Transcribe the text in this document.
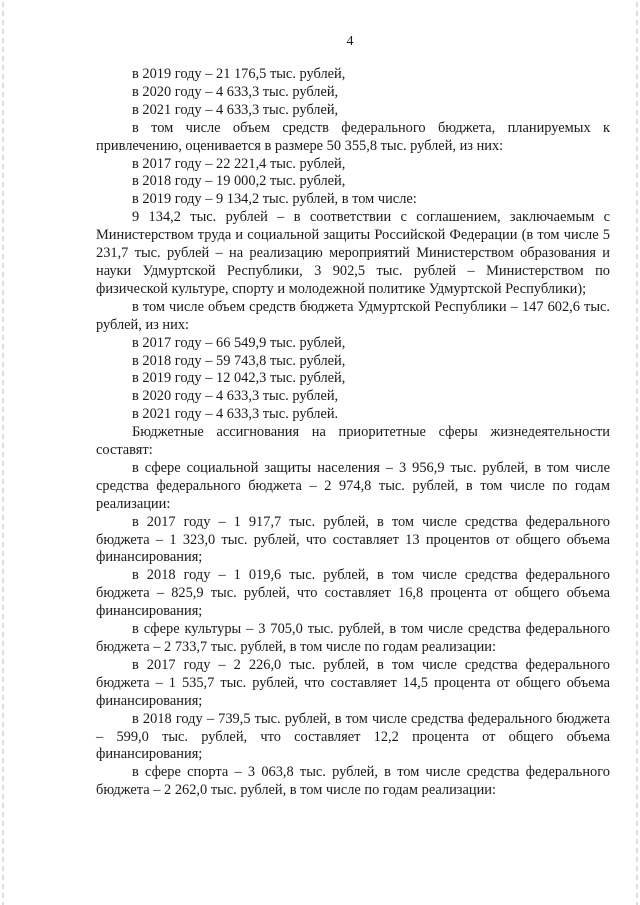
4

в 2019 году – 21 176,5 тыс. рублей,

в 2020 году – 4 633,3 тыс. рублей,

в 2021 году – 4 633,3 тыс. рублей,

в том числе объем средств федерального бюджета, планируемых к привлечению, оценивается в размере 50 355,8 тыс. рублей, из них:

в 2017 году – 22 221,4 тыс. рублей,

в 2018 году – 19 000,2 тыс. рублей,

в 2019 году – 9 134,2 тыс. рублей, в том числе:

9 134,2 тыс. рублей – в соответствии с соглашением, заключаемым с Министерством труда и социальной защиты Российской Федерации (в том числе 5 231,7 тыс. рублей – на реализацию мероприятий Министерством образования и науки Удмуртской Республики, 3 902,5 тыс. рублей – Министерством по физической культуре, спорту и молодежной политике Удмуртской Республики);

в том числе объем средств бюджета Удмуртской Республики – 147 602,6 тыс. рублей, из них:

в 2017 году – 66 549,9 тыс. рублей,

в 2018 году – 59 743,8 тыс. рублей,

в 2019 году – 12 042,3 тыс. рублей,

в 2020 году – 4 633,3 тыс. рублей,

в 2021 году – 4 633,3 тыс. рублей.

Бюджетные ассигнования на приоритетные сферы жизнедеятельности составят:

в сфере социальной защиты населения – 3 956,9 тыс. рублей, в том числе средства федерального бюджета – 2 974,8 тыс. рублей, в том числе по годам реализации:

в 2017 году – 1 917,7 тыс. рублей, в том числе средства федерального бюджета – 1 323,0 тыс. рублей, что составляет 13 процентов от общего объема финансирования;

в 2018 году – 1 019,6 тыс. рублей, в том числе средства федерального бюджета – 825,9 тыс. рублей, что составляет 16,8 процента от общего объема финансирования;

в сфере культуры – 3 705,0 тыс. рублей, в том числе средства федерального бюджета – 2 733,7 тыс. рублей, в том числе по годам реализации:

в 2017 году – 2 226,0 тыс. рублей, в том числе средства федерального бюджета – 1 535,7 тыс. рублей, что составляет 14,5 процента от общего объема финансирования;

в 2018 году – 739,5 тыс. рублей, в том числе средства федерального бюджета – 599,0 тыс. рублей, что составляет 12,2 процента от общего объема финансирования;

в сфере спорта – 3 063,8 тыс. рублей, в том числе средства федерального бюджета – 2 262,0 тыс. рублей, в том числе по годам реализации:
